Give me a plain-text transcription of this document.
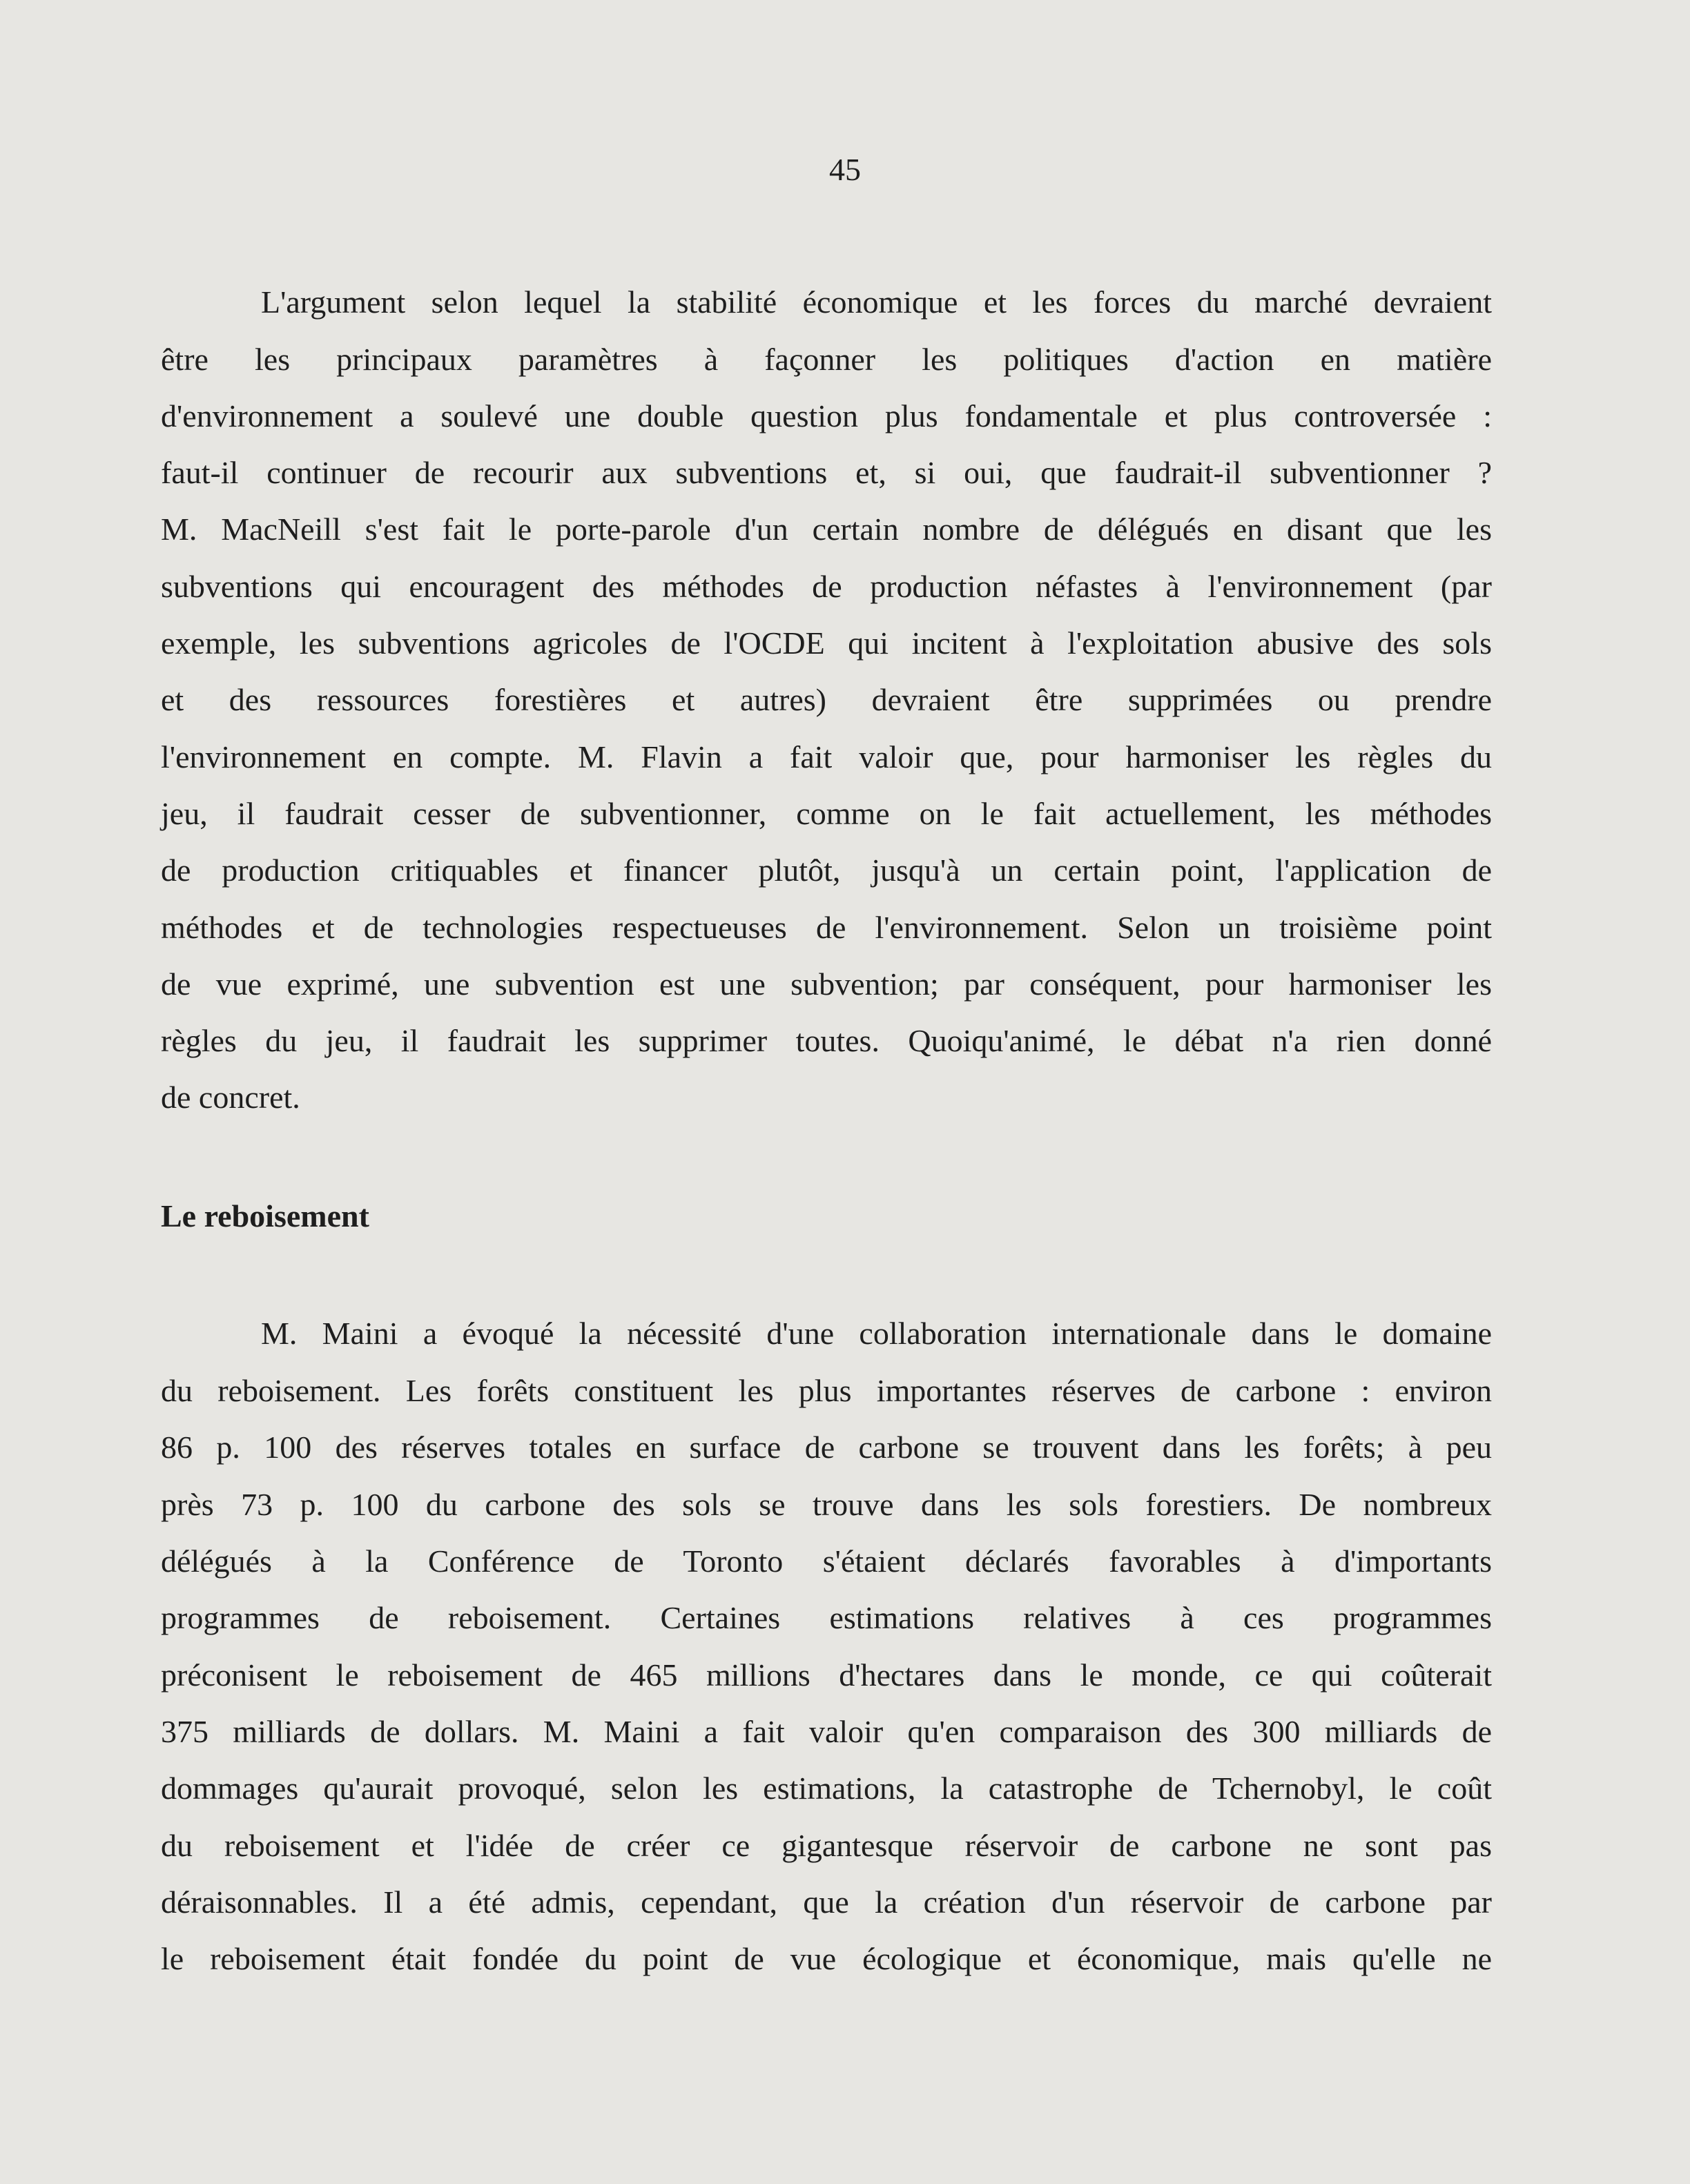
45

L'argument selon lequel la stabilité économique et les forces du marché devraient

être les principaux paramètres à façonner les politiques d'action en matière

d'environnement a soulevé une double question plus fondamentale et plus controversée :

faut-il continuer de recourir aux subventions et, si oui, que faudrait-il subventionner ?

M. MacNeill s'est fait le porte-parole d'un certain nombre de délégués en disant que les

subventions qui encouragent des méthodes de production néfastes à l'environnement (par

exemple, les subventions agricoles de l'OCDE qui incitent à l'exploitation abusive des sols

et des ressources forestières et autres) devraient être supprimées ou prendre

l'environnement en compte. M. Flavin a fait valoir que, pour harmoniser les règles du

jeu, il faudrait cesser de subventionner, comme on le fait actuellement, les méthodes

de production critiquables et financer plutôt, jusqu'à un certain point, l'application de

méthodes et de technologies respectueuses de l'environnement. Selon un troisième point

de vue exprimé, une subvention est une subvention; par conséquent, pour harmoniser les

règles du jeu, il faudrait les supprimer toutes. Quoiqu'animé, le débat n'a rien donné

de concret.

Le reboisement

M. Maini a évoqué la nécessité d'une collaboration internationale dans le domaine

du reboisement. Les forêts constituent les plus importantes réserves de carbone : environ

86 p. 100 des réserves totales en surface de carbone se trouvent dans les forêts; à peu

près 73 p. 100 du carbone des sols se trouve dans les sols forestiers. De nombreux

délégués à la Conférence de Toronto s'étaient déclarés favorables à d'importants

programmes de reboisement. Certaines estimations relatives à ces programmes

préconisent le reboisement de 465 millions d'hectares dans le monde, ce qui coûterait

375 milliards de dollars. M. Maini a fait valoir qu'en comparaison des 300 milliards de

dommages qu'aurait provoqué, selon les estimations, la catastrophe de Tchernobyl, le coût

du reboisement et l'idée de créer ce gigantesque réservoir de carbone ne sont pas

déraisonnables. Il a été admis, cependant, que la création d'un réservoir de carbone par

le reboisement était fondée du point de vue écologique et économique, mais qu'elle ne
